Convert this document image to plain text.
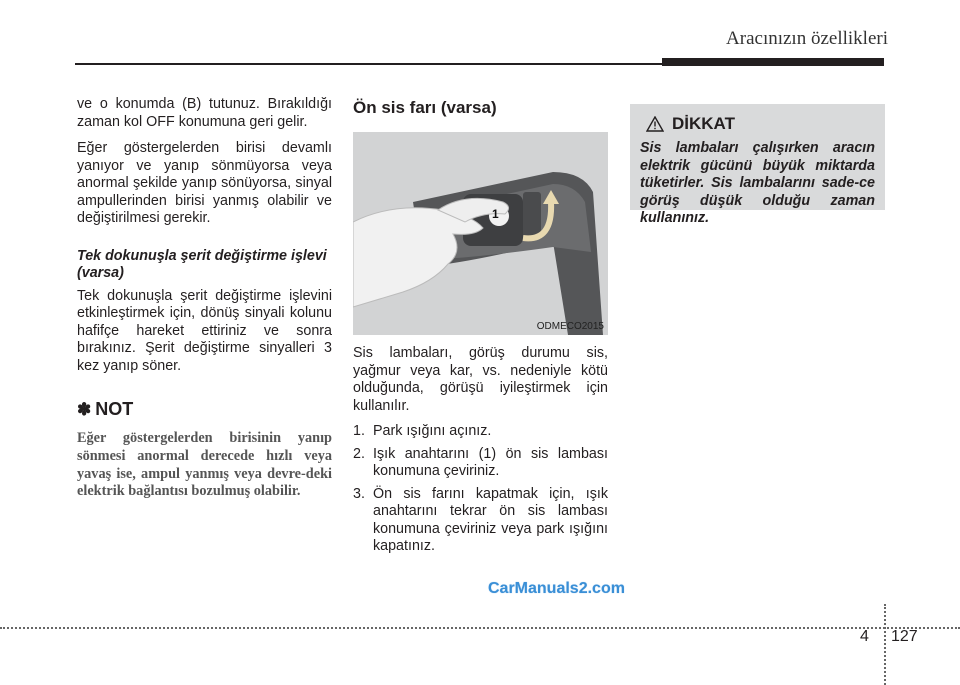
Aracınızın özellikleri

ve o konumda (B) tutunuz. Bırakıldığı zaman kol OFF konumuna geri gelir.

Eğer göstergelerden birisi devamlı yanıyor ve yanıp sönmüyorsa veya anormal şekilde yanıp sönüyorsa, sinyal ampullerinden birisi yanmış olabilir ve değiştirilmesi gerekir.

Tek dokunuşla şerit değiştirme işlevi (varsa)

Tek dokunuşla şerit değiştirme işlevini etkinleştirmek için, dönüş sinyali kolunu hafifçe hareket ettiriniz ve sonra bırakınız. Şerit değiştirme sinyalleri 3 kez yanıp söner.

✽ NOT
Eğer göstergelerden birisinin yanıp sönmesi anormal derecede hızlı veya yavaş ise, ampul yanmış veya devre-deki elektrik bağlantısı bozulmuş olabilir.
Ön sis farı (varsa)
1
ODMECO2015

Sis lambaları, görüş durumu sis, yağmur veya kar, vs. nedeniyle kötü olduğunda, görüşü iyileştirmek için kullanılır.

1. Park ışığını açınız.
2. Işık anahtarını (1) ön sis lambası konumuna çeviriniz.
3. Ön sis farını kapatmak için, ışık anahtarını tekrar ön sis lambası konumuna çeviriniz veya park ışığını kapatınız.
DİKKAT
Sis lambaları çalışırken aracın elektrik gücünü büyük miktarda tüketirler. Sis lambalarını sade-ce görüş düşük olduğu zaman kullanınız.
CarManuals2.com
4 127
